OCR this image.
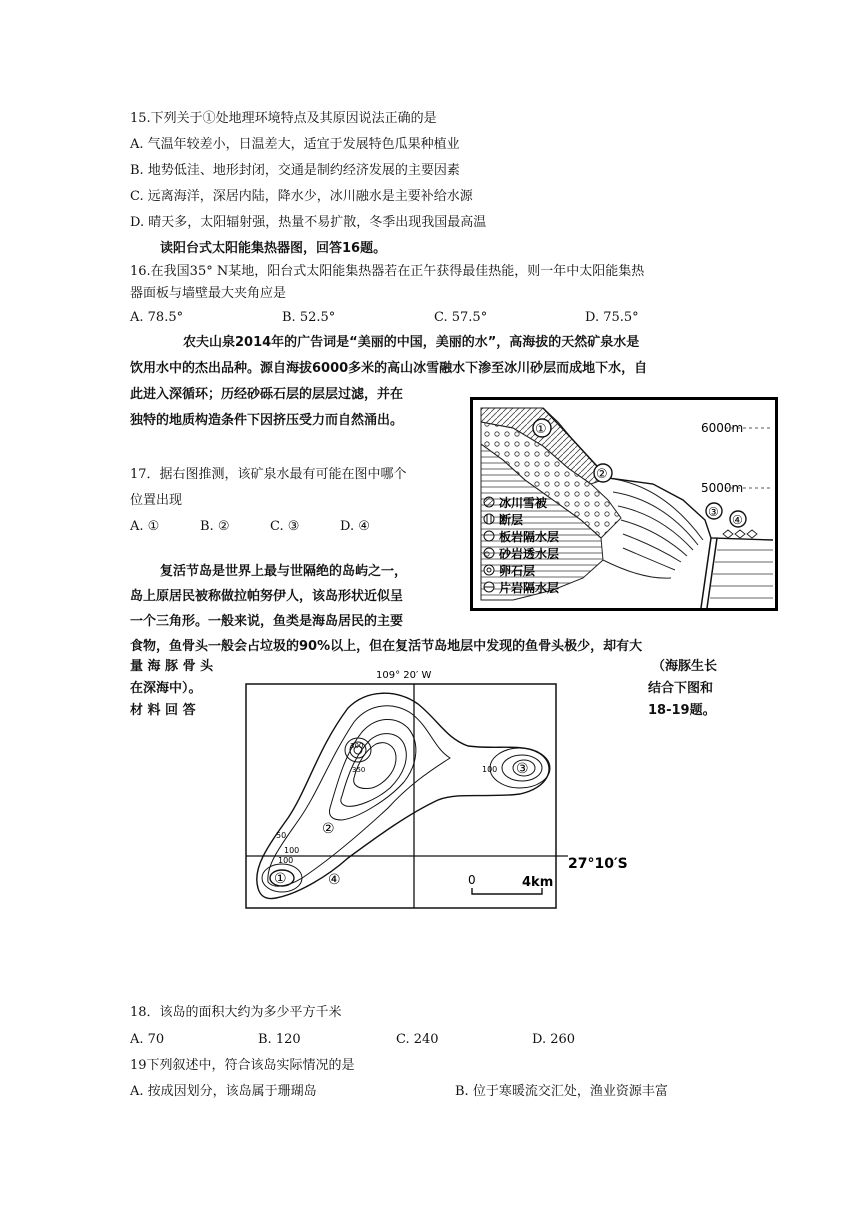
15.下列关于①处地理环境特点及其原因说法正确的是
A. 气温年较差小，日温差大，适宜于发展特色瓜果种植业
B. 地势低洼、地形封闭，交通是制约经济发展的主要因素
C. 远离海洋，深居内陆，降水少，冰川融水是主要补给水源
D. 晴天多，太阳辐射强，热量不易扩散，冬季出现我国最高温
读阳台式太阳能集热器图，回答16题。
16.在我国35° N某地，阳台式太阳能集热器若在正午获得最佳热能，则一年中太阳能集热
器面板与墙壁最大夹角应是
A. 78.5°	B. 52.5°	C. 57.5°	D. 75.5°
农夫山泉2014年的广告词是“美丽的中国，美丽的水”，高海拔的天然矿泉水是
饮用水中的杰出品种。源自海拔6000多米的高山冰雪融水下渗至冰川砂层而成地下水，自
此进入深循环；历经砂砾石层的层层过滤，并在
独特的地质构造条件下因挤压受力而自然涌出。
17．据右图推测，该矿泉水最有可能在图中哪个
位置出现
A. ①	B. ②	C. ③	D. ④
6000m
5000m
①
②
③
④
冰川雪被
断层
板岩隔水层
砂岩透水层
卵石层
片岩隔水层
复活节岛是世界上最与世隔绝的岛屿之一，
岛上原居民被称做拉帕努伊人，该岛形状近似呈
一个三角形。一般来说，鱼类是海岛居民的主要
食物，鱼骨头一般会占垃圾的90%以上，但在复活节岛地层中发现的鱼骨头极少，却有大
量 海 豚 骨 头	（海豚生长
在深海中）。	结合下图和
材 料 回 答	18-19题。
109° 20′ W
27°10′S
50
100
100
100
300
350
②
①
③
④	0	4km
18．该岛的面积大约为多少平方千米
A. 70	B. 120	C. 240	D. 260
19下列叙述中，符合该岛实际情况的是
A. 按成因划分，该岛属于珊瑚岛	B. 位于寒暖流交汇处，渔业资源丰富
